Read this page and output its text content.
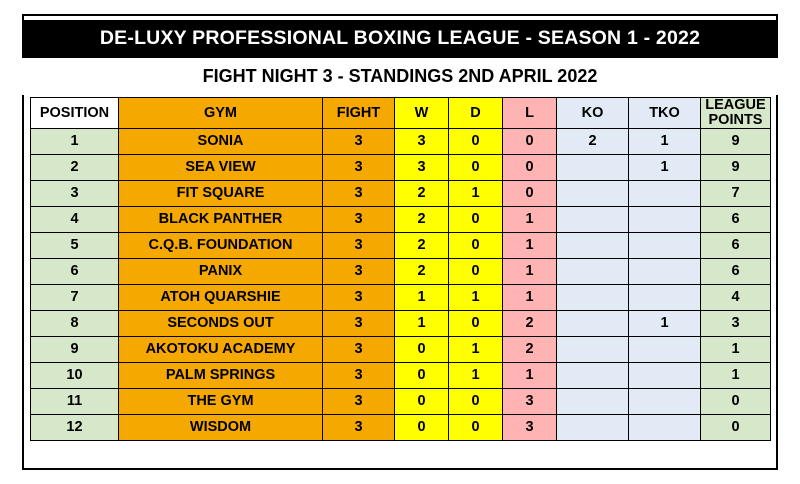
DE-LUXY PROFESSIONAL BOXING LEAGUE - SEASON 1 - 2022
FIGHT NIGHT 3 - STANDINGS 2ND APRIL 2022
POSITION	GYM	FIGHT	W	D	L	KO	TKO	LEAGUE
POINTS

1	SONIA	3	3	0	0	2	1	9
2	SEA VIEW	3	3	0	0		1	9
3	FIT SQUARE	3	2	1	0			7
4	BLACK PANTHER	3	2	0	1			6
5	C.Q.B. FOUNDATION	3	2	0	1			6
6	PANIX	3	2	0	1			6
7	ATOH QUARSHIE	3	1	1	1			4
8	SECONDS OUT	3	1	0	2		1	3
9	AKOTOKU ACADEMY	3	0	1	2			1
10	PALM SPRINGS	3	0	1	1			1
11	THE GYM	3	0	0	3			0
12	WISDOM	3	0	0	3			0
